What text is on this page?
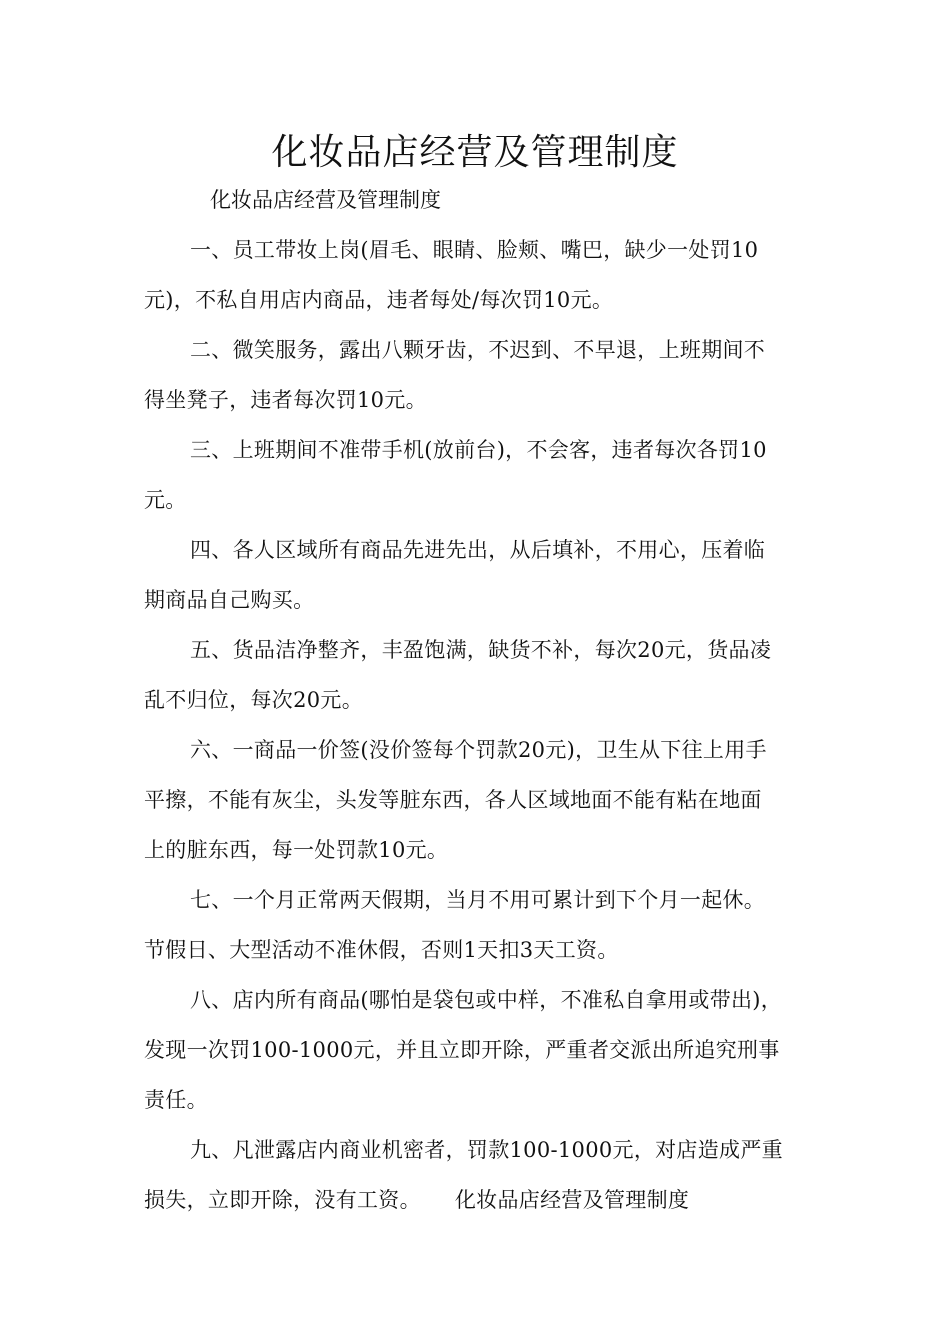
化妆品店经营及管理制度
化妆品店经营及管理制度
一、员工带妆上岗(眉毛、眼睛、脸颊、嘴巴，缺少一处罚10
元)，不私自用店内商品，违者每处/每次罚10元。
二、微笑服务，露出八颗牙齿，不迟到、不早退，上班期间不
得坐凳子，违者每次罚10元。
三、上班期间不准带手机(放前台)，不会客，违者每次各罚10
元。
四、各人区域所有商品先进先出，从后填补，不用心，压着临
期商品自己购买。
五、货品洁净整齐，丰盈饱满，缺货不补，每次20元，货品凌
乱不归位，每次20元。
六、一商品一价签(没价签每个罚款20元)，卫生从下往上用手
平擦，不能有灰尘，头发等脏东西，各人区域地面不能有粘在地面
上的脏东西，每一处罚款10元。
七、一个月正常两天假期，当月不用可累计到下个月一起休。
节假日、大型活动不准休假，否则1天扣3天工资。
八、店内所有商品(哪怕是袋包或中样，不准私自拿用或带出)，
发现一次罚100-1000元，并且立即开除，严重者交派出所追究刑事
责任。
九、凡泄露店内商业机密者，罚款100-1000元，对店造成严重
损失，立即开除，没有工资。 化妆品店经营及管理制度
